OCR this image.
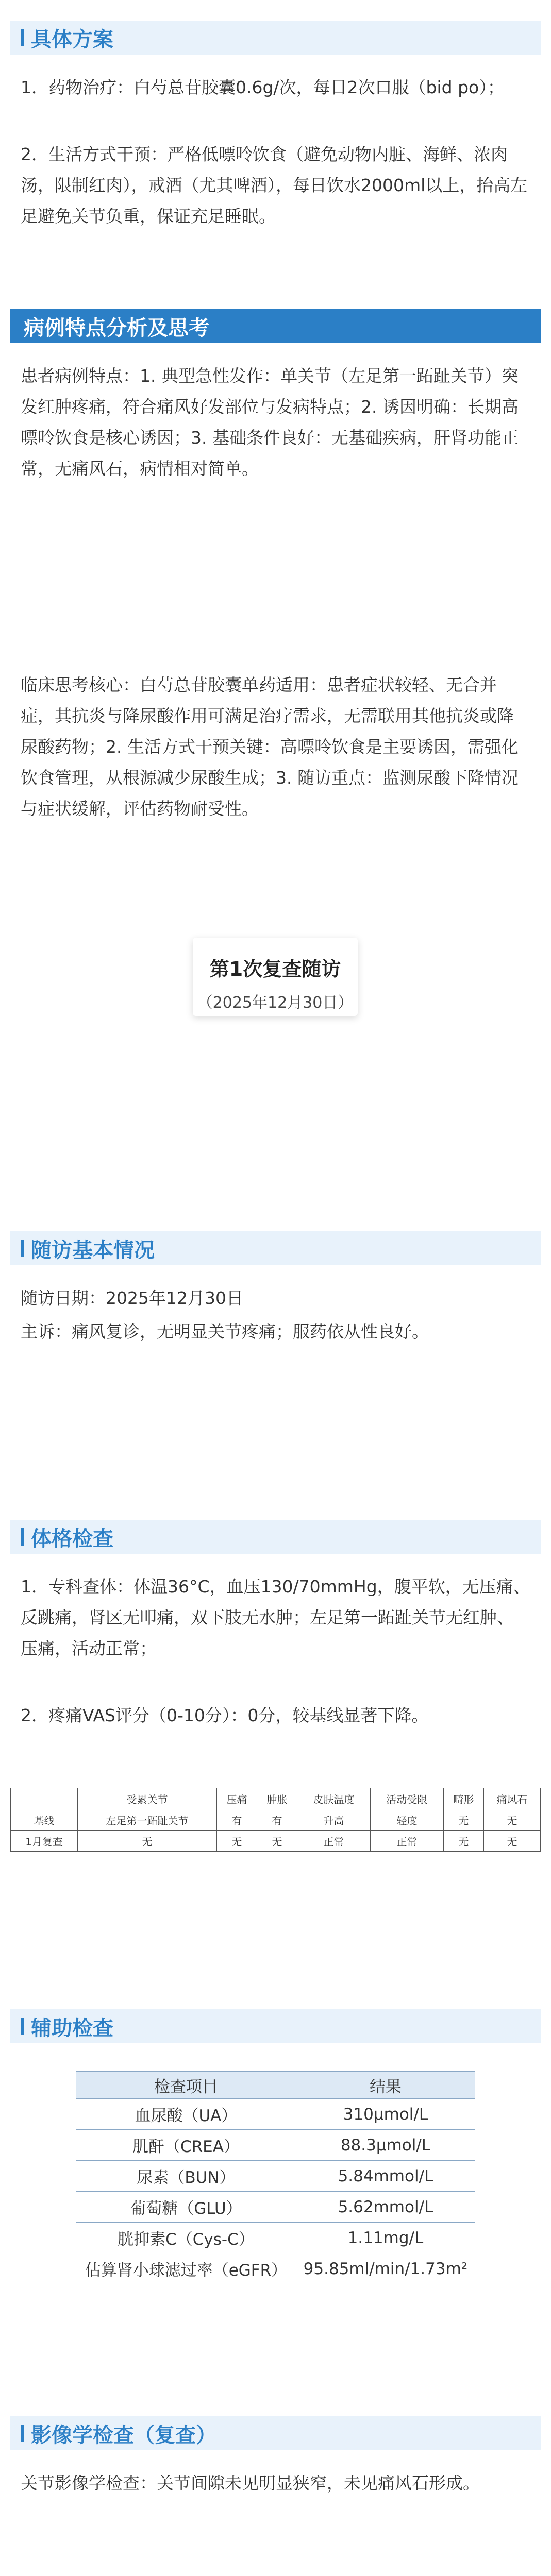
具体方案

1．药物治疗：白芍总苷胶囊0.6g/次，每日2次口服（bid po）；

2．生活方式干预：严格低嘌呤饮食（避免动物内脏、海鲜、浓肉汤，限制红肉），戒酒（尤其啤酒），每日饮水2000ml以上，抬高左足避免关节负重，保证充足睡眠。

病例特点分析及思考

患者病例特点：1. 典型急性发作：单关节（左足第一跖趾关节）突发红肿疼痛，符合痛风好发部位与发病特点；2. 诱因明确：长期高嘌呤饮食是核心诱因；3. 基础条件良好：无基础疾病，肝肾功能正常，无痛风石，病情相对简单。

临床思考核心：白芍总苷胶囊单药适用：患者症状较轻、无合并症，其抗炎与降尿酸作用可满足治疗需求，无需联用其他抗炎或降尿酸药物；2. 生活方式干预关键：高嘌呤饮食是主要诱因，需强化饮食管理，从根源减少尿酸生成；3. 随访重点：监测尿酸下降情况与症状缓解，评估药物耐受性。

第1次复查随访
（2025年12月30日）
随访基本情况

随访日期：2025年12月30日

主诉：痛风复诊，无明显关节疼痛；服药依从性良好。

体格检查

1．专科查体：体温36°C，血压130/70mmHg，腹平软，无压痛、反跳痛，肾区无叩痛，双下肢无水肿；左足第一跖趾关节无红肿、压痛，活动正常；

2．疼痛VAS评分（0-10分）：0分，较基线显著下降。

	受累关节	压痛	肿胀	皮肤温度	活动受限	畸形	痛风石
基线	左足第一跖趾关节	有	有	升高	轻度	无	无
1月复查	无	无	无	正常	正常	无	无
辅助检查
检查项目	结果
血尿酸（UA）	310μmol/L
肌酐（CREA）	88.3μmol/L
尿素（BUN）	5.84mmol/L
葡萄糖（GLU）	5.62mmol/L
胱抑素C（Cys-C）	1.11mg/L
估算肾小球滤过率（eGFR）	95.85ml/min/1.73m²
影像学检查（复查）

关节影像学检查：关节间隙未见明显狭窄，未见痛风石形成。
